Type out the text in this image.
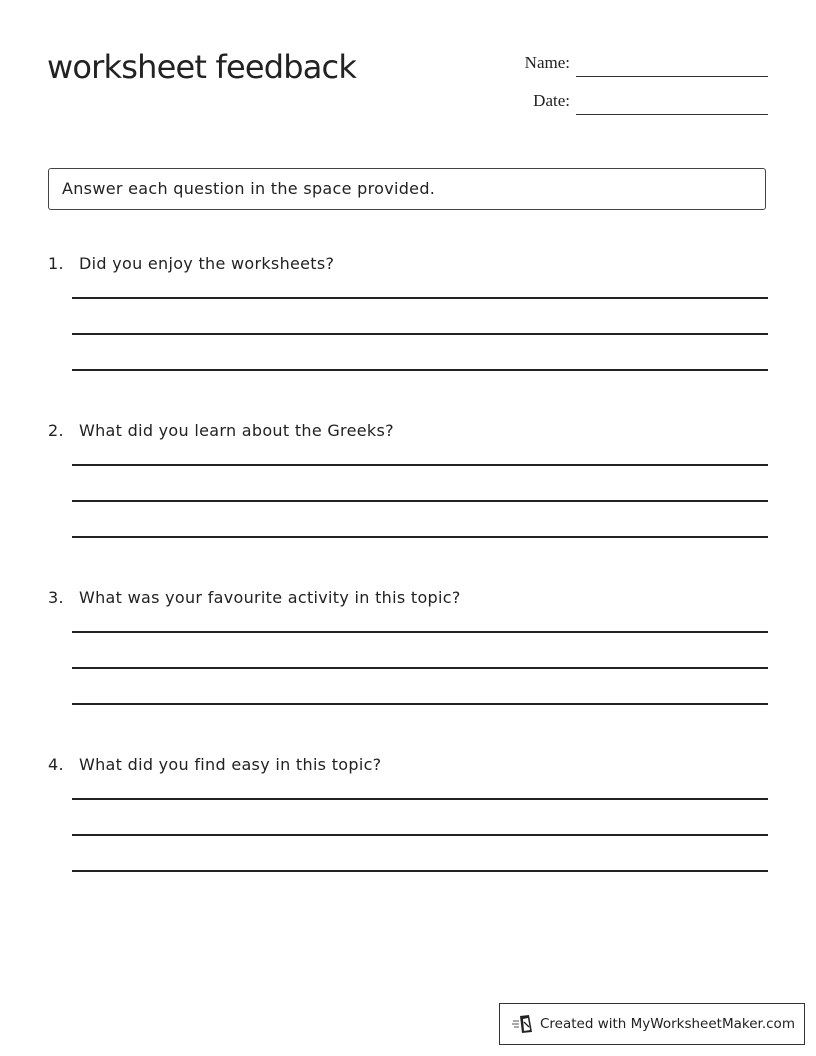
worksheet feedback	Name:
Date:
Answer each question in the space provided.
1. Did you enjoy the worksheets?
2. What did you learn about the Greeks?
3. What was your favourite activity in this topic?
4. What did you find easy in this topic?
Created with MyWorksheetMaker.com
